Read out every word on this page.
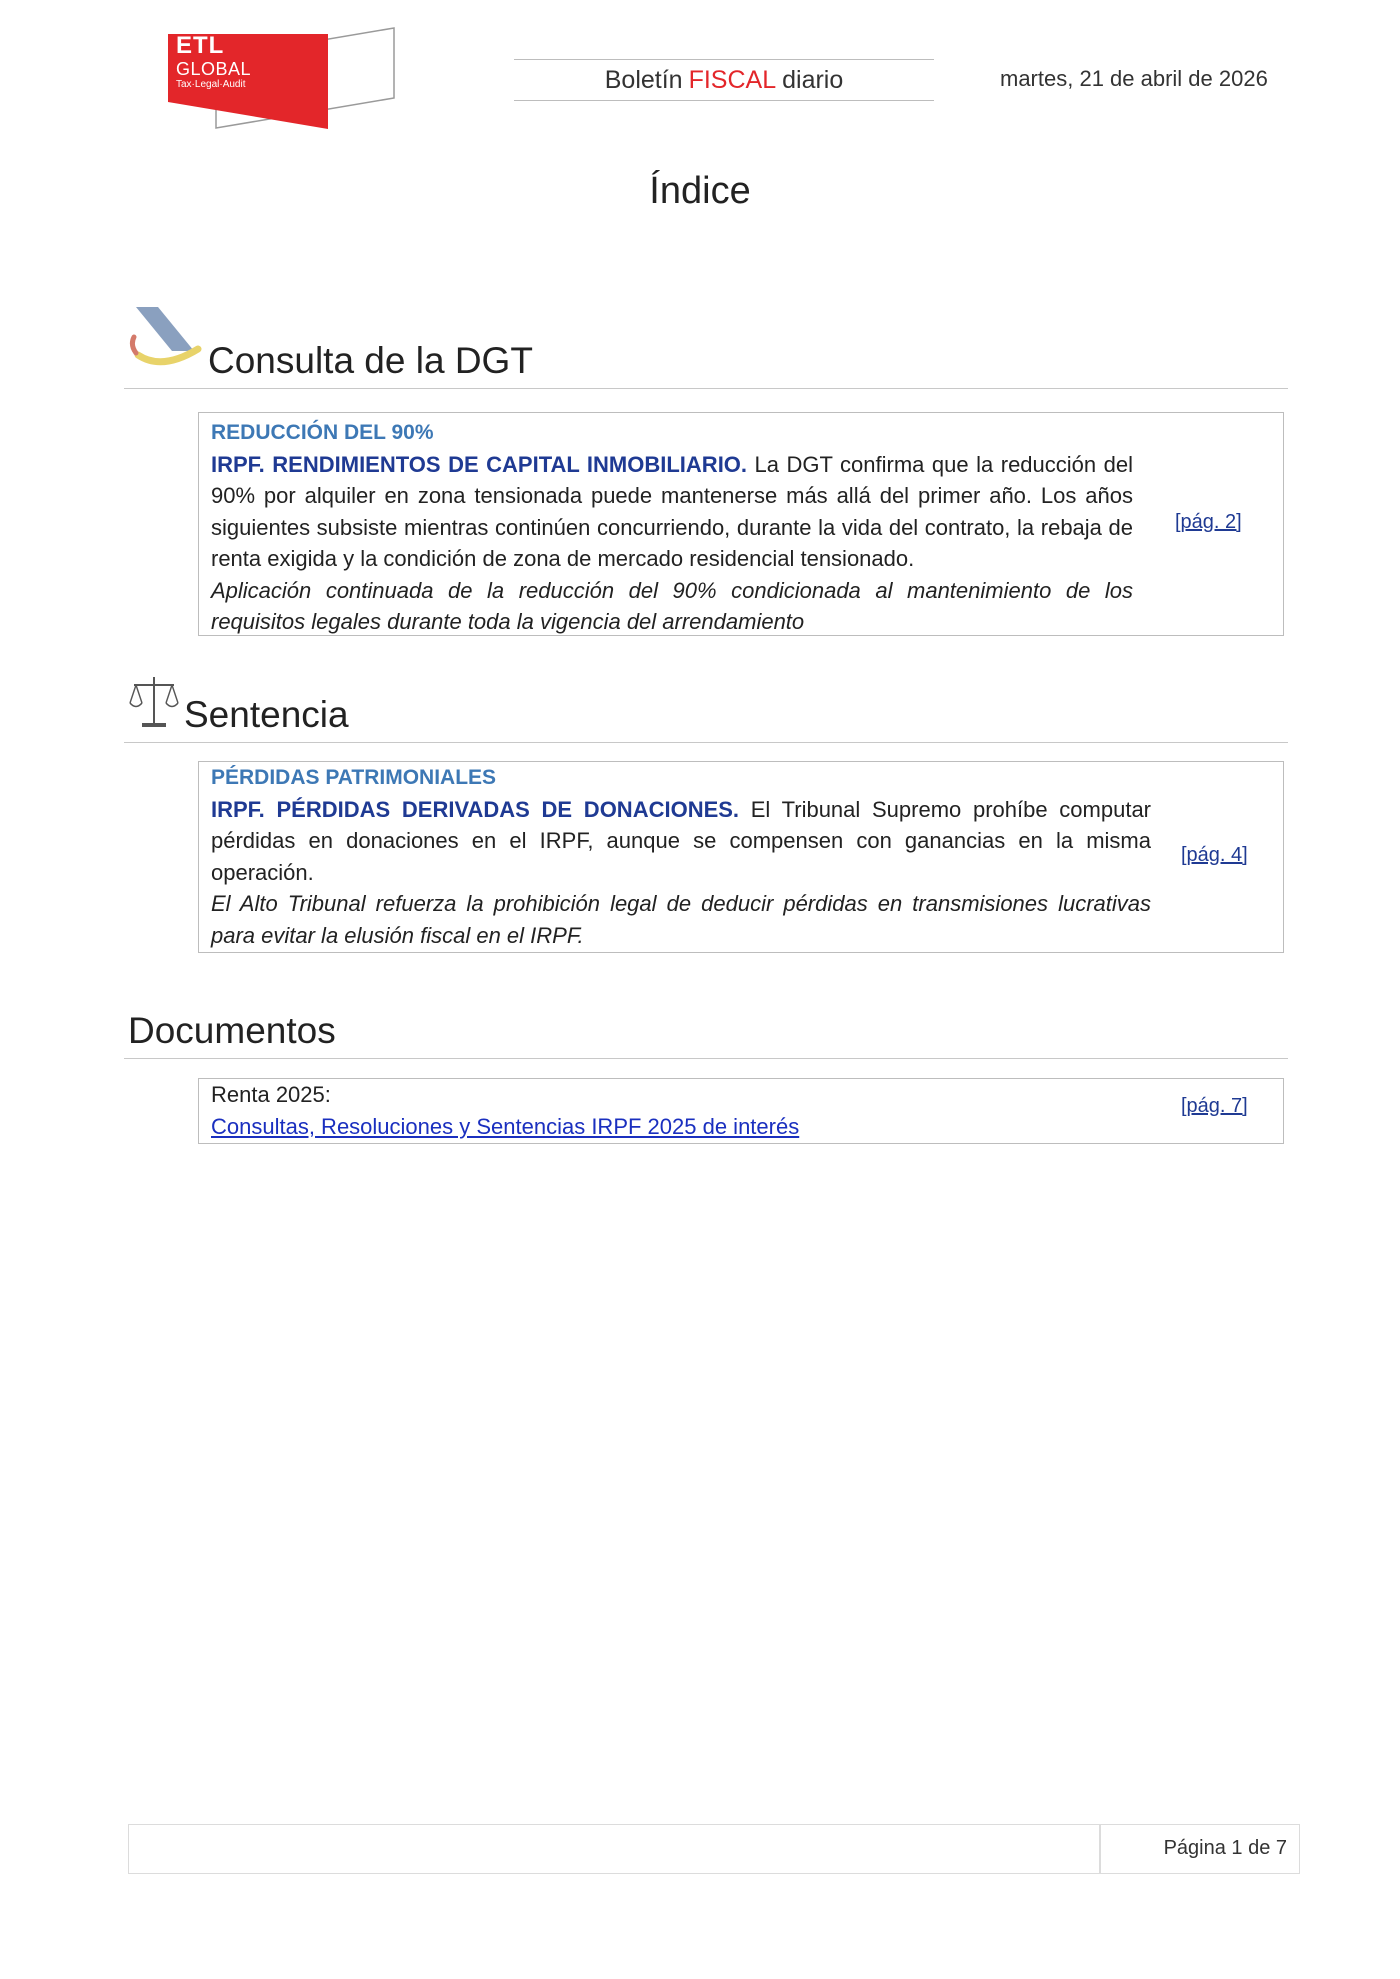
ETL
GLOBAL
Tax·Legal·Audit	Boletín FISCAL diario	martes, 21 de abril de 2026
Índice
Consulta de la DGT
REDUCCIÓN DEL 90%
IRPF. RENDIMIENTOS DE CAPITAL INMOBILIARIO. La DGT confirma que la reducción del 90% por alquiler en zona tensionada puede mantenerse más allá del primer año. Los años siguientes subsiste mientras continúen concurriendo, durante la vida del contrato, la rebaja de renta exigida y la condición de zona de mercado residencial tensionado.
Aplicación continuada de la reducción del 90% condicionada al mantenimiento de los requisitos legales durante toda la vigencia del arrendamiento
[pág. 2]
Sentencia
PÉRDIDAS PATRIMONIALES
IRPF. PÉRDIDAS DERIVADAS DE DONACIONES. El Tribunal Supremo prohíbe computar pérdidas en donaciones en el IRPF, aunque se compensen con ganancias en la misma operación.
El Alto Tribunal refuerza la prohibición legal de deducir pérdidas en transmisiones lucrativas para evitar la elusión fiscal en el IRPF.
[pág. 4]
Documentos
Renta 2025:
Consultas, Resoluciones y Sentencias IRPF 2025 de interés
[pág. 7]
Página 1 de 7
